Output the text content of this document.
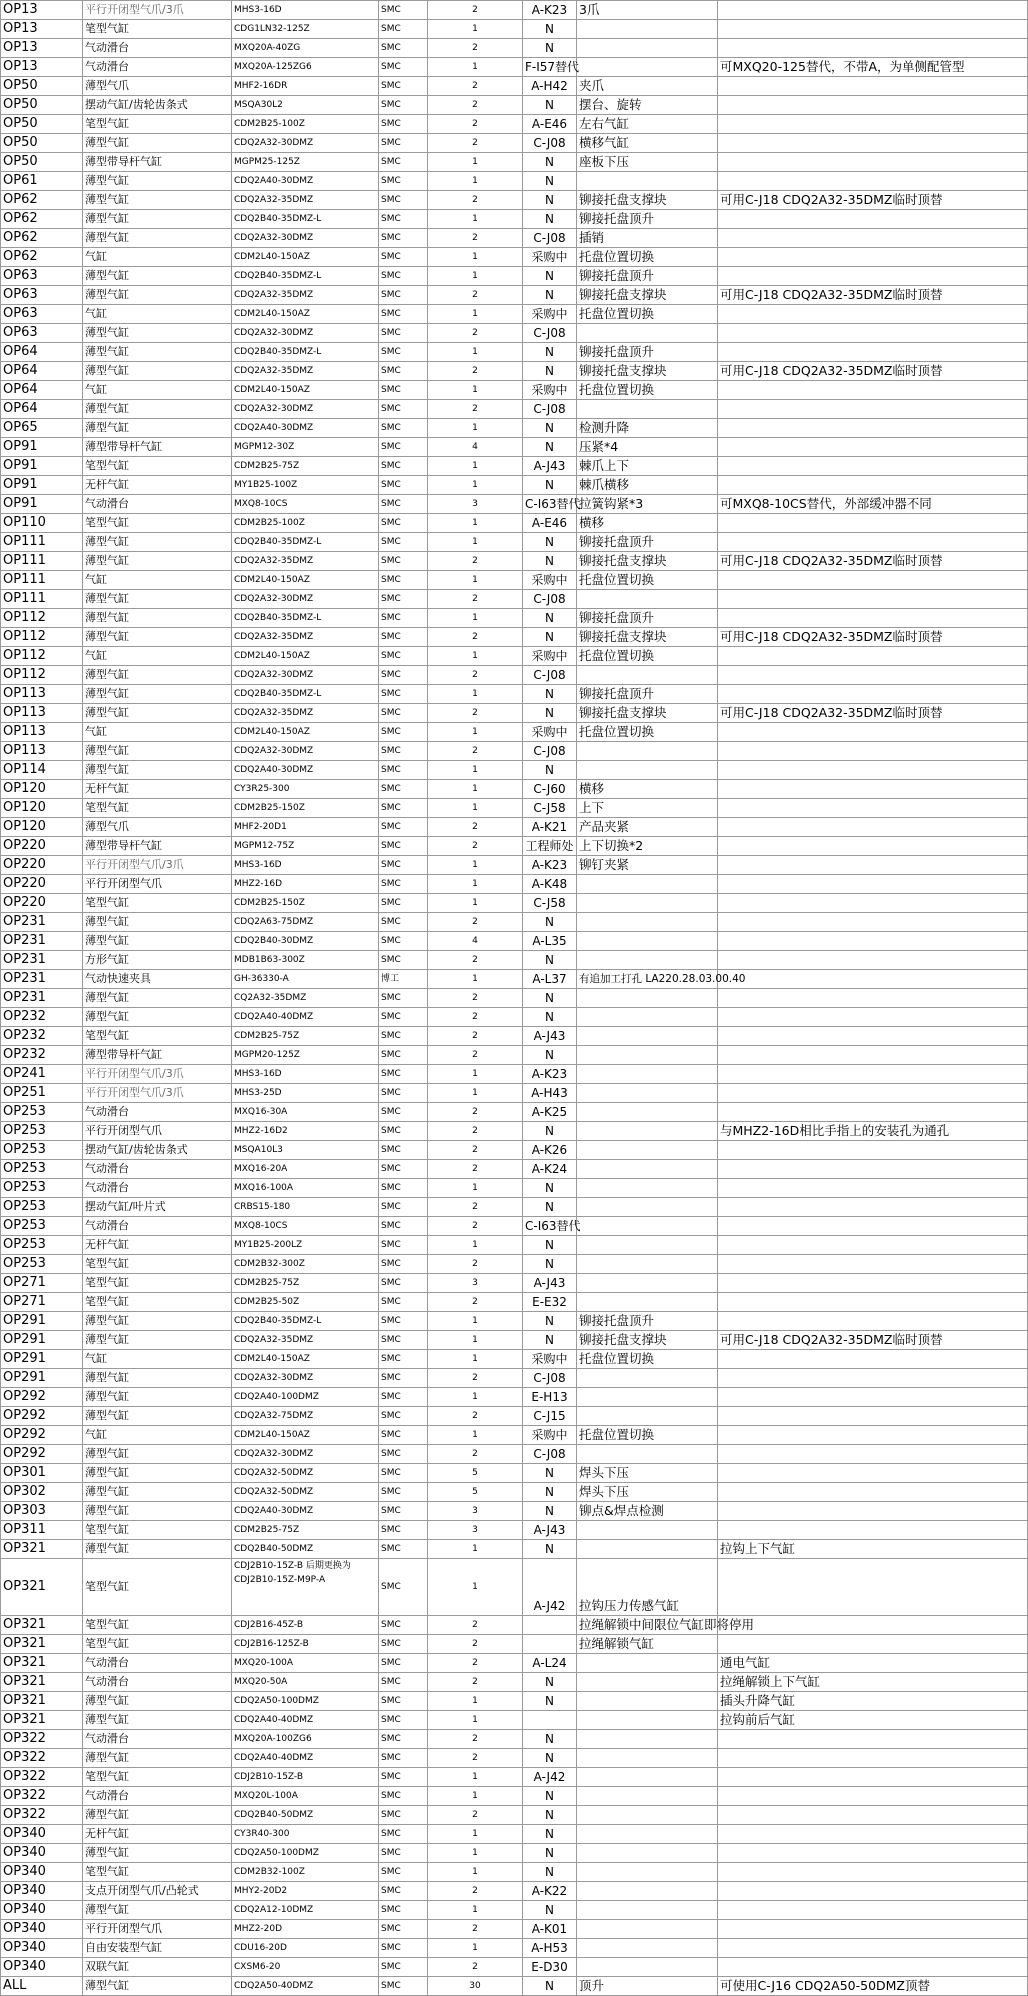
OP13	平行开闭型气爪/3爪	MHS3-16D	SMC	2	A-K23	3爪	
OP13	笔型气缸	CDG1LN32-125Z	SMC	1	N		
OP13	气动滑台	MXQ20A-40ZG	SMC	2	N		
OP13	气动滑台	MXQ20A-125ZG6	SMC	1	F-I57替代		可MXQ20-125替代，不带A，为单侧配管型
OP50	薄型气爪	MHF2-16DR	SMC	2	A-H42	夹爪	
OP50	摆动气缸/齿轮齿条式	MSQA30L2	SMC	2	N	摆台、旋转	
OP50	笔型气缸	CDM2B25-100Z	SMC	2	A-E46	左右气缸	
OP50	薄型气缸	CDQ2A32-30DMZ	SMC	2	C-J08	横移气缸	
OP50	薄型带导杆气缸	MGPM25-125Z	SMC	1	N	座板下压	
OP61	薄型气缸	CDQ2A40-30DMZ	SMC	1	N		
OP62	薄型气缸	CDQ2A32-35DMZ	SMC	2	N	铆接托盘支撑块	可用C-J18 CDQ2A32-35DMZ临时顶替
OP62	薄型气缸	CDQ2B40-35DMZ-L	SMC	1	N	铆接托盘顶升	
OP62	薄型气缸	CDQ2A32-30DMZ	SMC	2	C-J08	插销	
OP62	气缸	CDM2L40-150AZ	SMC	1	采购中	托盘位置切换	
OP63	薄型气缸	CDQ2B40-35DMZ-L	SMC	1	N	铆接托盘顶升	
OP63	薄型气缸	CDQ2A32-35DMZ	SMC	2	N	铆接托盘支撑块	可用C-J18 CDQ2A32-35DMZ临时顶替
OP63	气缸	CDM2L40-150AZ	SMC	1	采购中	托盘位置切换	
OP63	薄型气缸	CDQ2A32-30DMZ	SMC	2	C-J08		
OP64	薄型气缸	CDQ2B40-35DMZ-L	SMC	1	N	铆接托盘顶升	
OP64	薄型气缸	CDQ2A32-35DMZ	SMC	2	N	铆接托盘支撑块	可用C-J18 CDQ2A32-35DMZ临时顶替
OP64	气缸	CDM2L40-150AZ	SMC	1	采购中	托盘位置切换	
OP64	薄型气缸	CDQ2A32-30DMZ	SMC	2	C-J08		
OP65	薄型气缸	CDQ2A40-30DMZ	SMC	1	N	检测升降	
OP91	薄型带导杆气缸	MGPM12-30Z	SMC	4	N	压紧*4	
OP91	笔型气缸	CDM2B25-75Z	SMC	1	A-J43	棘爪上下	
OP91	无杆气缸	MY1B25-100Z	SMC	1	N	棘爪横移	
OP91	气动滑台	MXQ8-10CS	SMC	3	C-I63替代	拉簧钩紧*3	可MXQ8-10CS替代，外部缓冲器不同
OP110	笔型气缸	CDM2B25-100Z	SMC	1	A-E46	横移	
OP111	薄型气缸	CDQ2B40-35DMZ-L	SMC	1	N	铆接托盘顶升	
OP111	薄型气缸	CDQ2A32-35DMZ	SMC	2	N	铆接托盘支撑块	可用C-J18 CDQ2A32-35DMZ临时顶替
OP111	气缸	CDM2L40-150AZ	SMC	1	采购中	托盘位置切换	
OP111	薄型气缸	CDQ2A32-30DMZ	SMC	2	C-J08		
OP112	薄型气缸	CDQ2B40-35DMZ-L	SMC	1	N	铆接托盘顶升	
OP112	薄型气缸	CDQ2A32-35DMZ	SMC	2	N	铆接托盘支撑块	可用C-J18 CDQ2A32-35DMZ临时顶替
OP112	气缸	CDM2L40-150AZ	SMC	1	采购中	托盘位置切换	
OP112	薄型气缸	CDQ2A32-30DMZ	SMC	2	C-J08		
OP113	薄型气缸	CDQ2B40-35DMZ-L	SMC	1	N	铆接托盘顶升	
OP113	薄型气缸	CDQ2A32-35DMZ	SMC	2	N	铆接托盘支撑块	可用C-J18 CDQ2A32-35DMZ临时顶替
OP113	气缸	CDM2L40-150AZ	SMC	1	采购中	托盘位置切换	
OP113	薄型气缸	CDQ2A32-30DMZ	SMC	2	C-J08		
OP114	薄型气缸	CDQ2A40-30DMZ	SMC	1	N		
OP120	无杆气缸	CY3R25-300	SMC	1	C-J60	横移	
OP120	笔型气缸	CDM2B25-150Z	SMC	1	C-J58	上下	
OP120	薄型气爪	MHF2-20D1	SMC	2	A-K21	产品夹紧	
OP220	薄型带导杆气缸	MGPM12-75Z	SMC	2	工程师处	上下切换*2	
OP220	平行开闭型气爪/3爪	MHS3-16D	SMC	1	A-K23	铆钉夹紧	
OP220	平行开闭型气爪	MHZ2-16D	SMC	1	A-K48		
OP220	笔型气缸	CDM2B25-150Z	SMC	1	C-J58		
OP231	薄型气缸	CDQ2A63-75DMZ	SMC	2	N		
OP231	薄型气缸	CDQ2B40-30DMZ	SMC	4	A-L35		
OP231	方形气缸	MDB1B63-300Z	SMC	2	N		
OP231	气动快速夹具	GH-36330-A	博工	1	A-L37	有追加工打孔 LA220.28.03.00.40	
OP231	薄型气缸	CQ2A32-35DMZ	SMC	2	N		
OP232	薄型气缸	CDQ2A40-40DMZ	SMC	2	N		
OP232	笔型气缸	CDM2B25-75Z	SMC	2	A-J43		
OP232	薄型带导杆气缸	MGPM20-125Z	SMC	2	N		
OP241	平行开闭型气爪/3爪	MHS3-16D	SMC	1	A-K23		
OP251	平行开闭型气爪/3爪	MHS3-25D	SMC	1	A-H43		
OP253	气动滑台	MXQ16-30A	SMC	2	A-K25		
OP253	平行开闭型气爪	MHZ2-16D2	SMC	2	N		与MHZ2-16D相比手指上的安装孔为通孔
OP253	摆动气缸/齿轮齿条式	MSQA10L3	SMC	2	A-K26		
OP253	气动滑台	MXQ16-20A	SMC	2	A-K24		
OP253	气动滑台	MXQ16-100A	SMC	1	N		
OP253	摆动气缸/叶片式	CRBS15-180	SMC	2	N		
OP253	气动滑台	MXQ8-10CS	SMC	2	C-I63替代		
OP253	无杆气缸	MY1B25-200LZ	SMC	1	N		
OP253	笔型气缸	CDM2B32-300Z	SMC	2	N		
OP271	笔型气缸	CDM2B25-75Z	SMC	3	A-J43		
OP271	笔型气缸	CDM2B25-50Z	SMC	2	E-E32		
OP291	薄型气缸	CDQ2B40-35DMZ-L	SMC	1	N	铆接托盘顶升	
OP291	薄型气缸	CDQ2A32-35DMZ	SMC	1	N	铆接托盘支撑块	可用C-J18 CDQ2A32-35DMZ临时顶替
OP291	气缸	CDM2L40-150AZ	SMC	1	采购中	托盘位置切换	
OP291	薄型气缸	CDQ2A32-30DMZ	SMC	2	C-J08		
OP292	薄型气缸	CDQ2A40-100DMZ	SMC	1	E-H13		
OP292	薄型气缸	CDQ2A32-75DMZ	SMC	2	C-J15		
OP292	气缸	CDM2L40-150AZ	SMC	1	采购中	托盘位置切换	
OP292	薄型气缸	CDQ2A32-30DMZ	SMC	2	C-J08		
OP301	薄型气缸	CDQ2A32-50DMZ	SMC	5	N	焊头下压	
OP302	薄型气缸	CDQ2A32-50DMZ	SMC	5	N	焊头下压	
OP303	薄型气缸	CDQ2A40-30DMZ	SMC	3	N	铆点&焊点检测	
OP311	笔型气缸	CDM2B25-75Z	SMC	3	A-J43		
OP321	薄型气缸	CDQ2B40-50DMZ	SMC	1	N		拉钩上下气缸
OP321	笔型气缸	CDJ2B10-15Z-B 后期更换为CDJ2B10-15Z-M9P-A	SMC	1	A-J42	拉钩压力传感气缸	
OP321	笔型气缸	CDJ2B16-45Z-B	SMC	2		拉绳解锁中间限位气缸即将停用	
OP321	笔型气缸	CDJ2B16-125Z-B	SMC	2		拉绳解锁气缸	
OP321	气动滑台	MXQ20-100A	SMC	2	A-L24		通电气缸
OP321	气动滑台	MXQ20-50A	SMC	2	N		拉绳解锁上下气缸
OP321	薄型气缸	CDQ2A50-100DMZ	SMC	1	N		插头升降气缸
OP321	薄型气缸	CDQ2A40-40DMZ	SMC	1			拉钩前后气缸
OP322	气动滑台	MXQ20A-100ZG6	SMC	2	N		
OP322	薄型气缸	CDQ2A40-40DMZ	SMC	2	N		
OP322	笔型气缸	CDJ2B10-15Z-B	SMC	1	A-J42		
OP322	气动滑台	MXQ20L-100A	SMC	1	N		
OP322	薄型气缸	CDQ2B40-50DMZ	SMC	2	N		
OP340	无杆气缸	CY3R40-300	SMC	1	N		
OP340	薄型气缸	CDQ2A50-100DMZ	SMC	1	N		
OP340	笔型气缸	CDM2B32-100Z	SMC	1	N		
OP340	支点开闭型气爪/凸轮式	MHY2-20D2	SMC	2	A-K22		
OP340	薄型气缸	CDQ2A12-10DMZ	SMC	1	N		
OP340	平行开闭型气爪	MHZ2-20D	SMC	2	A-K01		
OP340	自由安装型气缸	CDU16-20D	SMC	1	A-H53		
OP340	双联气缸	CXSM6-20	SMC	2	E-D30		
ALL	薄型气缸	CDQ2A50-40DMZ	SMC	30	N	顶升	可使用C-J16 CDQ2A50-50DMZ顶替
